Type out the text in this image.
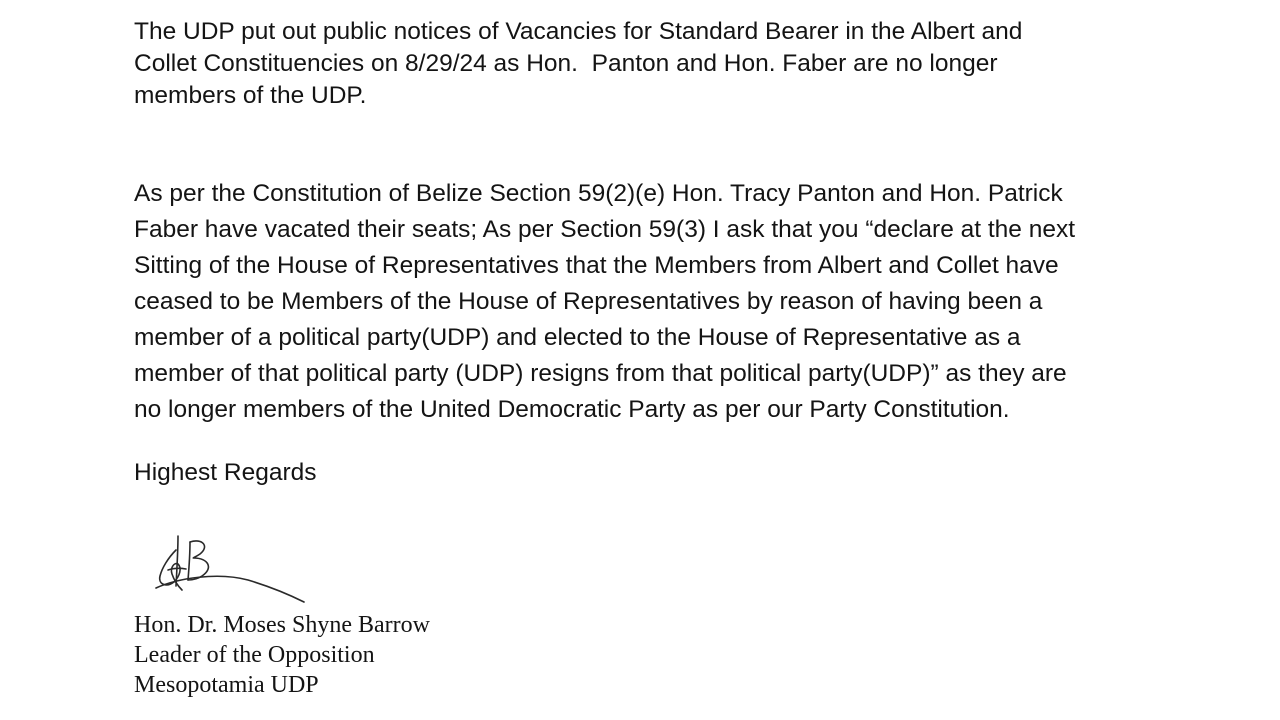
The UDP put out public notices of Vacancies for Standard Bearer in the Albert and
Collet Constituencies on 8/29/24 as Hon.  Panton and Hon. Faber are no longer
members of the UDP.
As per the Constitution of Belize Section 59(2)(e) Hon. Tracy Panton and Hon. Patrick
Faber have vacated their seats; As per Section 59(3) I ask that you “declare at the next
Sitting of the House of Representatives that the Members from Albert and Collet have
ceased to be Members of the House of Representatives by reason of having been a
member of a political party(UDP) and elected to the House of Representative as a
member of that political party (UDP) resigns from that political party(UDP)” as they are
no longer members of the United Democratic Party as per our Party Constitution.
Highest Regards
Hon. Dr. Moses Shyne Barrow
Leader of the Opposition
Mesopotamia UDP
